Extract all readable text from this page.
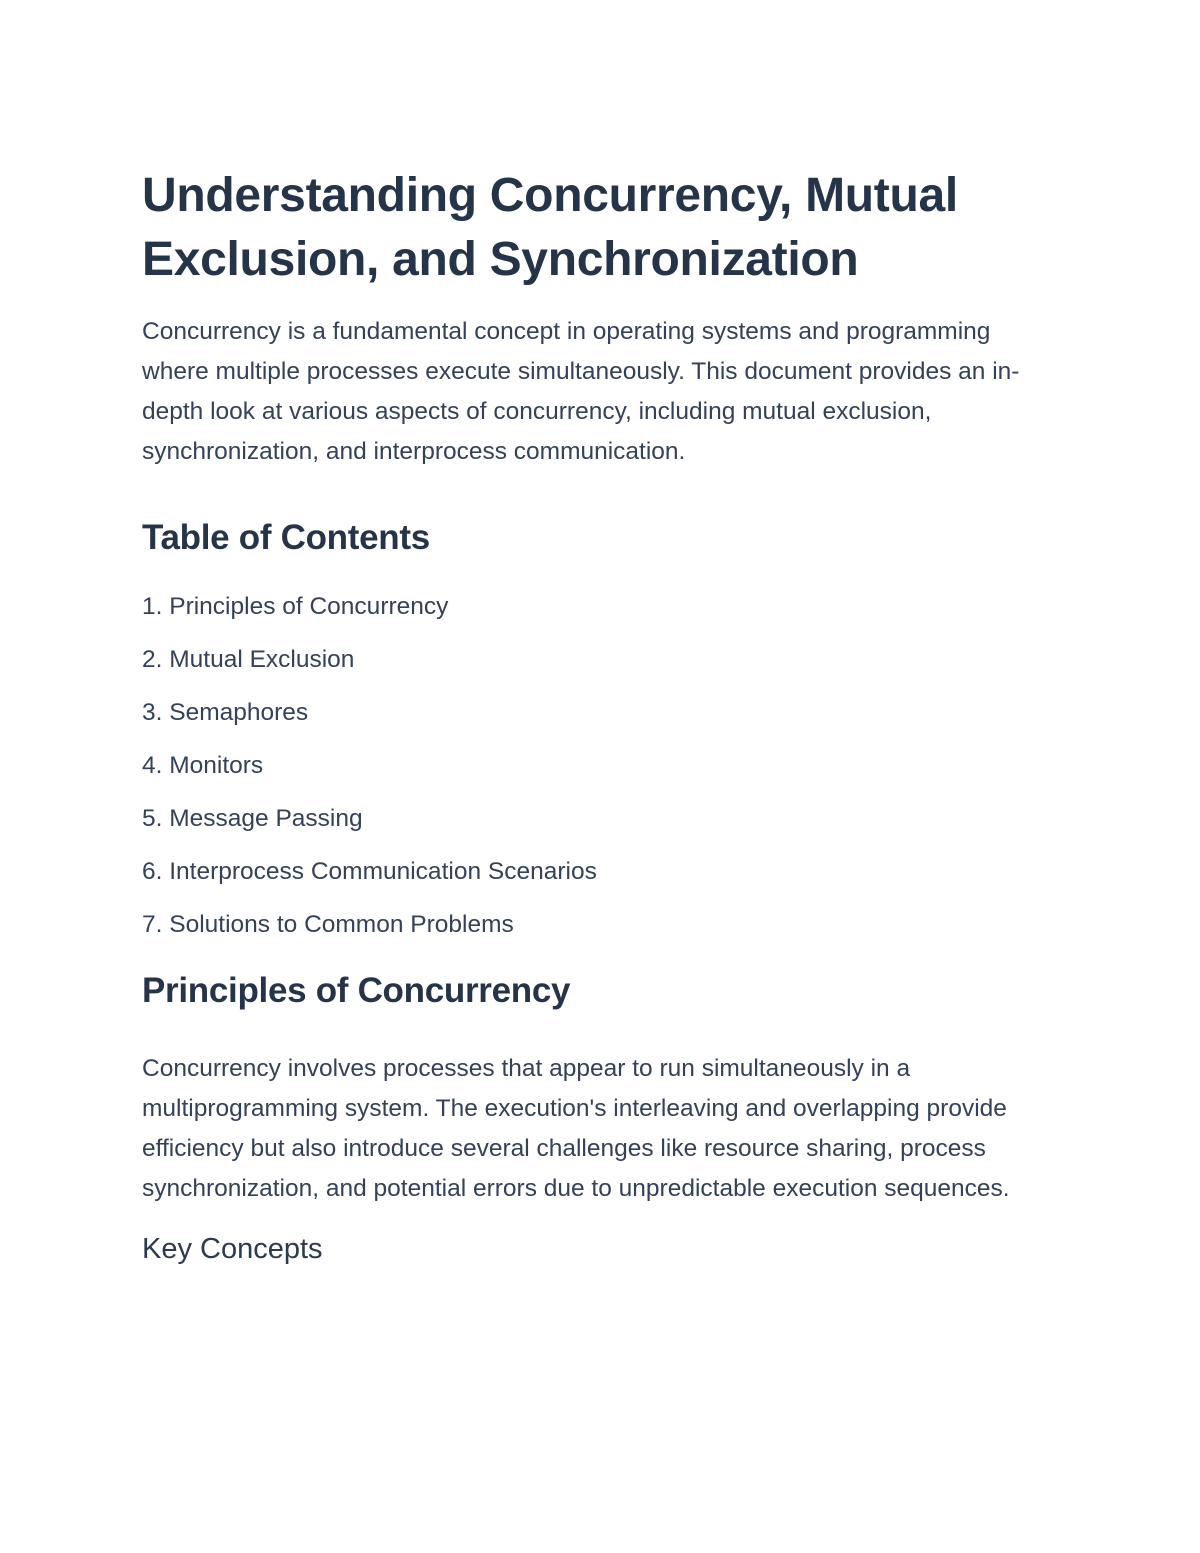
Understanding Concurrency, Mutual Exclusion, and Synchronization

Concurrency is a fundamental concept in operating systems and programming where multiple processes execute simultaneously. This document provides an in-depth look at various aspects of concurrency, including mutual exclusion, synchronization, and interprocess communication.

Table of Contents
1. Principles of Concurrency
2. Mutual Exclusion
3. Semaphores
4. Monitors
5. Message Passing
6. Interprocess Communication Scenarios
7. Solutions to Common Problems
Principles of Concurrency

Concurrency involves processes that appear to run simultaneously in a multiprogramming system. The execution's interleaving and overlapping provide efficiency but also introduce several challenges like resource sharing, process synchronization, and potential errors due to unpredictable execution sequences.

Key Concepts
